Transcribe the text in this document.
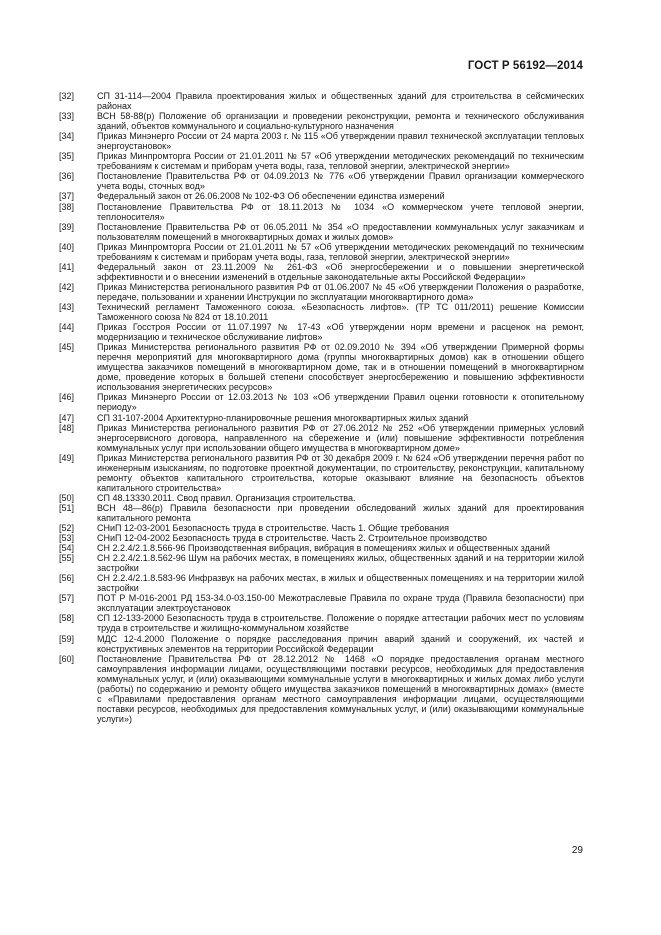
ГОСТ Р 56192—2014
[32]	СП 31-114—2004 Правила проектирования жилых и общественных зданий для строительства в сейсмических районах
[33]	ВСН 58-88(р) Положение об организации и проведении реконструкции, ремонта и технического обслуживания зданий, объектов коммунального и социально-культурного назначения
[34]	Приказ Минэнерго России от 24 марта 2003 г. № 115 «Об утверждении правил технической эксплуатации тепловых энергоустановок»
[35]	Приказ Минпромторга России от 21.01.2011 № 57 «Об утверждении методических рекомендаций по техническим требованиям к системам и приборам учета воды, газа, тепловой энергии, электрической энергии»
[36]	Постановление Правительства РФ от 04.09.2013 № 776 «Об утверждении Правил организации коммерческого учета воды, сточных вод»
[37]	Федеральный закон от 26.06.2008 № 102-ФЗ Об обеспечении единства измерений
[38]	Постановление Правительства РФ от 18.11.2013 № 1034 «О коммерческом учете тепловой энергии, теплоносителя»
[39]	Постановление Правительства РФ от 06.05.2011 № 354 «О предоставлении коммунальных услуг заказчикам и пользователям помещений в многоквартирных домах и жилых домов»
[40]	Приказ Минпромторга России от 21.01.2011 № 57 «Об утверждении методических рекомендаций по техническим требованиям к системам и приборам учета воды, газа, тепловой энергии, электрической энергии»
[41]	Федеральный закон от 23.11.2009 № 261-ФЗ «Об энергосбережении и о повышении энергетической эффективности и о внесении изменений в отдельные законодательные акты Российской Федерации»
[42]	Приказ Министерства регионального развития РФ от 01.06.2007 № 45 «Об утверждении Положения о разработке, передаче, пользовании и хранении Инструкции по эксплуатации многоквартирного дома»
[43]	Технический регламент Таможенного союза. «Безопасность лифтов». (ТР ТС 011/2011) решение Комиссии Таможенного союза № 824 от 18.10.2011
[44]	Приказ Госстроя России от 11.07.1997 № 17-43 «Об утверждении норм времени и расценок на ремонт, модернизацию и техническое обслуживание лифтов»
[45]	Приказ Министерства регионального развития РФ от 02.09.2010 № 394 «Об утверждении Примерной формы перечня мероприятий для многоквартирного дома (группы многоквартирных домов) как в отношении общего имущества заказчиков помещений в многоквартирном доме, так и в отношении помещений в многоквартирном доме, проведение которых в большей степени способствует энергосбережению и повышению эффективности использования энергетических ресурсов»
[46]	Приказ Минэнерго России от 12.03.2013 № 103 «Об утверждении Правил оценки готовности к отопительному периоду»
[47]	СП 31-107-2004 Архитектурно-планировочные решения многоквартирных жилых зданий
[48]	Приказ Министерства регионального развития РФ от 27.06.2012 № 252 «Об утверждении примерных условий энергосервисного договора, направленного на сбережение и (или) повышение эффективности потребления коммунальных услуг при использовании общего имущества в многоквартирном доме»
[49]	Приказ Министерства регионального развития РФ от 30 декабря 2009 г. № 624 «Об утверждении перечня работ по инженерным изысканиям, по подготовке проектной документации, по строительству, реконструкции, капитальному ремонту объектов капитального строительства, которые оказывают влияние на безопасность объектов капитального строительства»
[50]	СП 48.13330.2011. Свод правил. Организация строительства.
[51]	ВСН 48—86(р) Правила безопасности при проведении обследований жилых зданий для проектирования капитального ремонта
[52]	СНиП 12-03-2001 Безопасность труда в строительстве. Часть 1. Общие требования
[53]	СНиП 12-04-2002 Безопасность труда в строительстве. Часть 2. Строительное производство
[54]	СН 2.2.4/2.1.8.566-96 Производственная вибрация, вибрация в помещениях жилых и общественных зданий
[55]	СН 2.2.4/2.1.8.562-96 Шум на рабочих местах, в помещениях жилых, общественных зданий и на территории жилой застройки
[56]	СН 2.2.4/2.1.8.583-96 Инфразвук на рабочих местах, в жилых и общественных помещениях и на территории жилой застройки
[57]	ПОТ Р М-016-2001 РД 153-34.0-03.150-00 Межотраслевые Правила по охране труда (Правила безопасности) при эксплуатации электроустановок
[58]	СП 12-133-2000 Безопасность труда в строительстве. Положение о порядке аттестации рабочих мест по условиям труда в строительстве и жилищно-коммунальном хозяйстве
[59]	МДС 12-4.2000 Положение о порядке расследования причин аварий зданий и сооружений, их частей и конструктивных элементов на территории Российской Федерации
[60]	Постановление Правительства РФ от 28.12.2012 № 1468 «О порядке предоставления органам местного самоуправления информации лицами, осуществляющими поставки ресурсов, необходимых для предоставления коммунальных услуг, и (или) оказывающими коммунальные услуги в многоквартирных и жилых домах либо услуги (работы) по содержанию и ремонту общего имущества заказчиков помещений в многоквартирных домах» (вместе с «Правилами предоставления органам местного самоуправления информации лицами, осуществляющими поставки ресурсов, необходимых для предоставления коммунальных услуг, и (или) оказывающими коммунальные услуги»)
29
